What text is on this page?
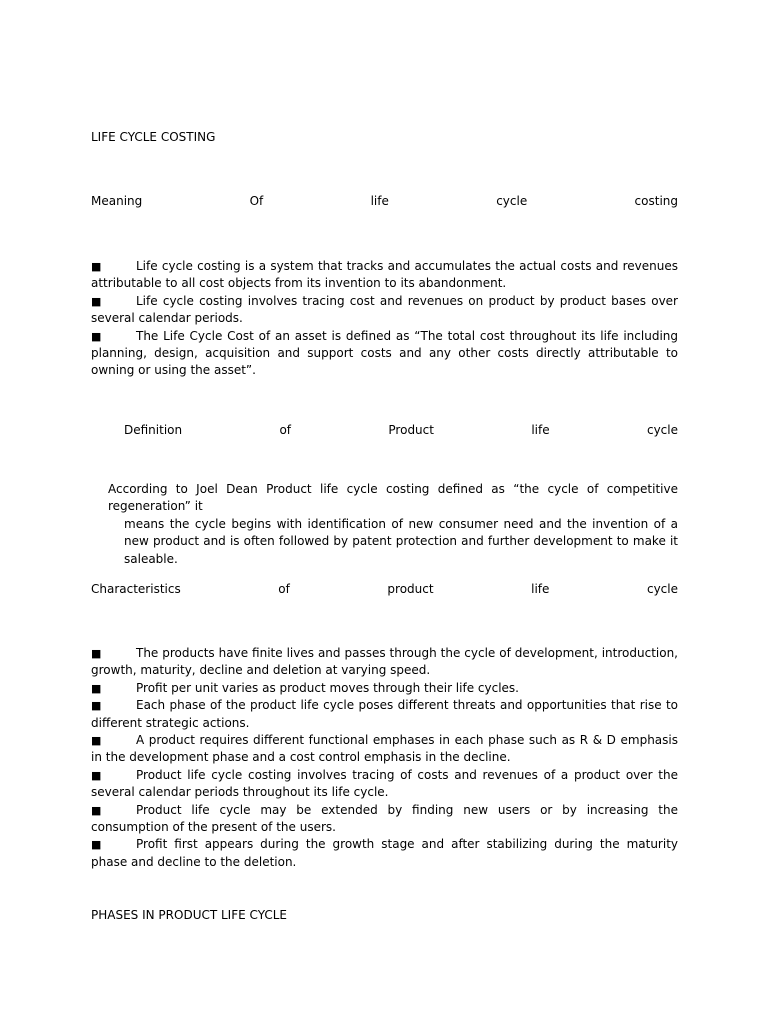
LIFE CYCLE COSTING
Meaning	Of	life	cycle	costing

■	Life cycle costing is a system that tracks and accumulates the actual costs and revenues attributable to all cost objects from its invention to its abandonment.

■	Life cycle costing involves tracing cost and revenues on product by product bases over several calendar periods.

■	The Life Cycle Cost of an asset is defined as “The total cost throughout its life including planning, design, acquisition and support costs and any other costs directly attributable to owning or using the asset”.

Definition	of	Product	life	cycle
According to Joel Dean Product life cycle costing defined as “the cycle of competitive regeneration” it
means the cycle begins with identification of new consumer need and the invention of a new product and is often followed by patent protection and further development to make it saleable.
Characteristics	of	product	life	cycle

■	The products have finite lives and passes through the cycle of development, introduction, growth, maturity, decline and deletion at varying speed.

■	Profit per unit varies as product moves through their life cycles.

■	Each phase of the product life cycle poses different threats and opportunities that rise to different strategic actions.

■	A product requires different functional emphases in each phase such as R & D emphasis in the development phase and a cost control emphasis in the decline.

■	Product life cycle costing involves tracing of costs and revenues of a product over the several calendar periods throughout its life cycle.

■	Product life cycle may be extended by finding new users or by increasing the consumption of the present of the users.

■	Profit first appears during the growth stage and after stabilizing during the maturity phase and decline to the deletion.

PHASES IN PRODUCT LIFE CYCLE
